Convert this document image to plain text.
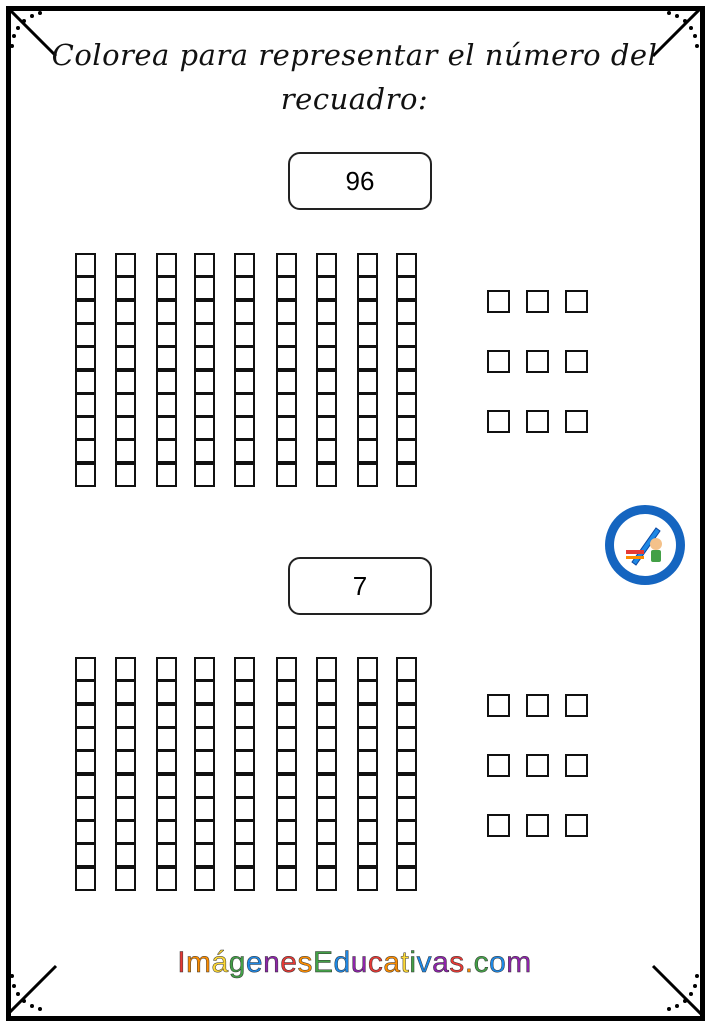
Colorea para representar el número del
recuadro:
96
7
ImágenesEducativas.com
